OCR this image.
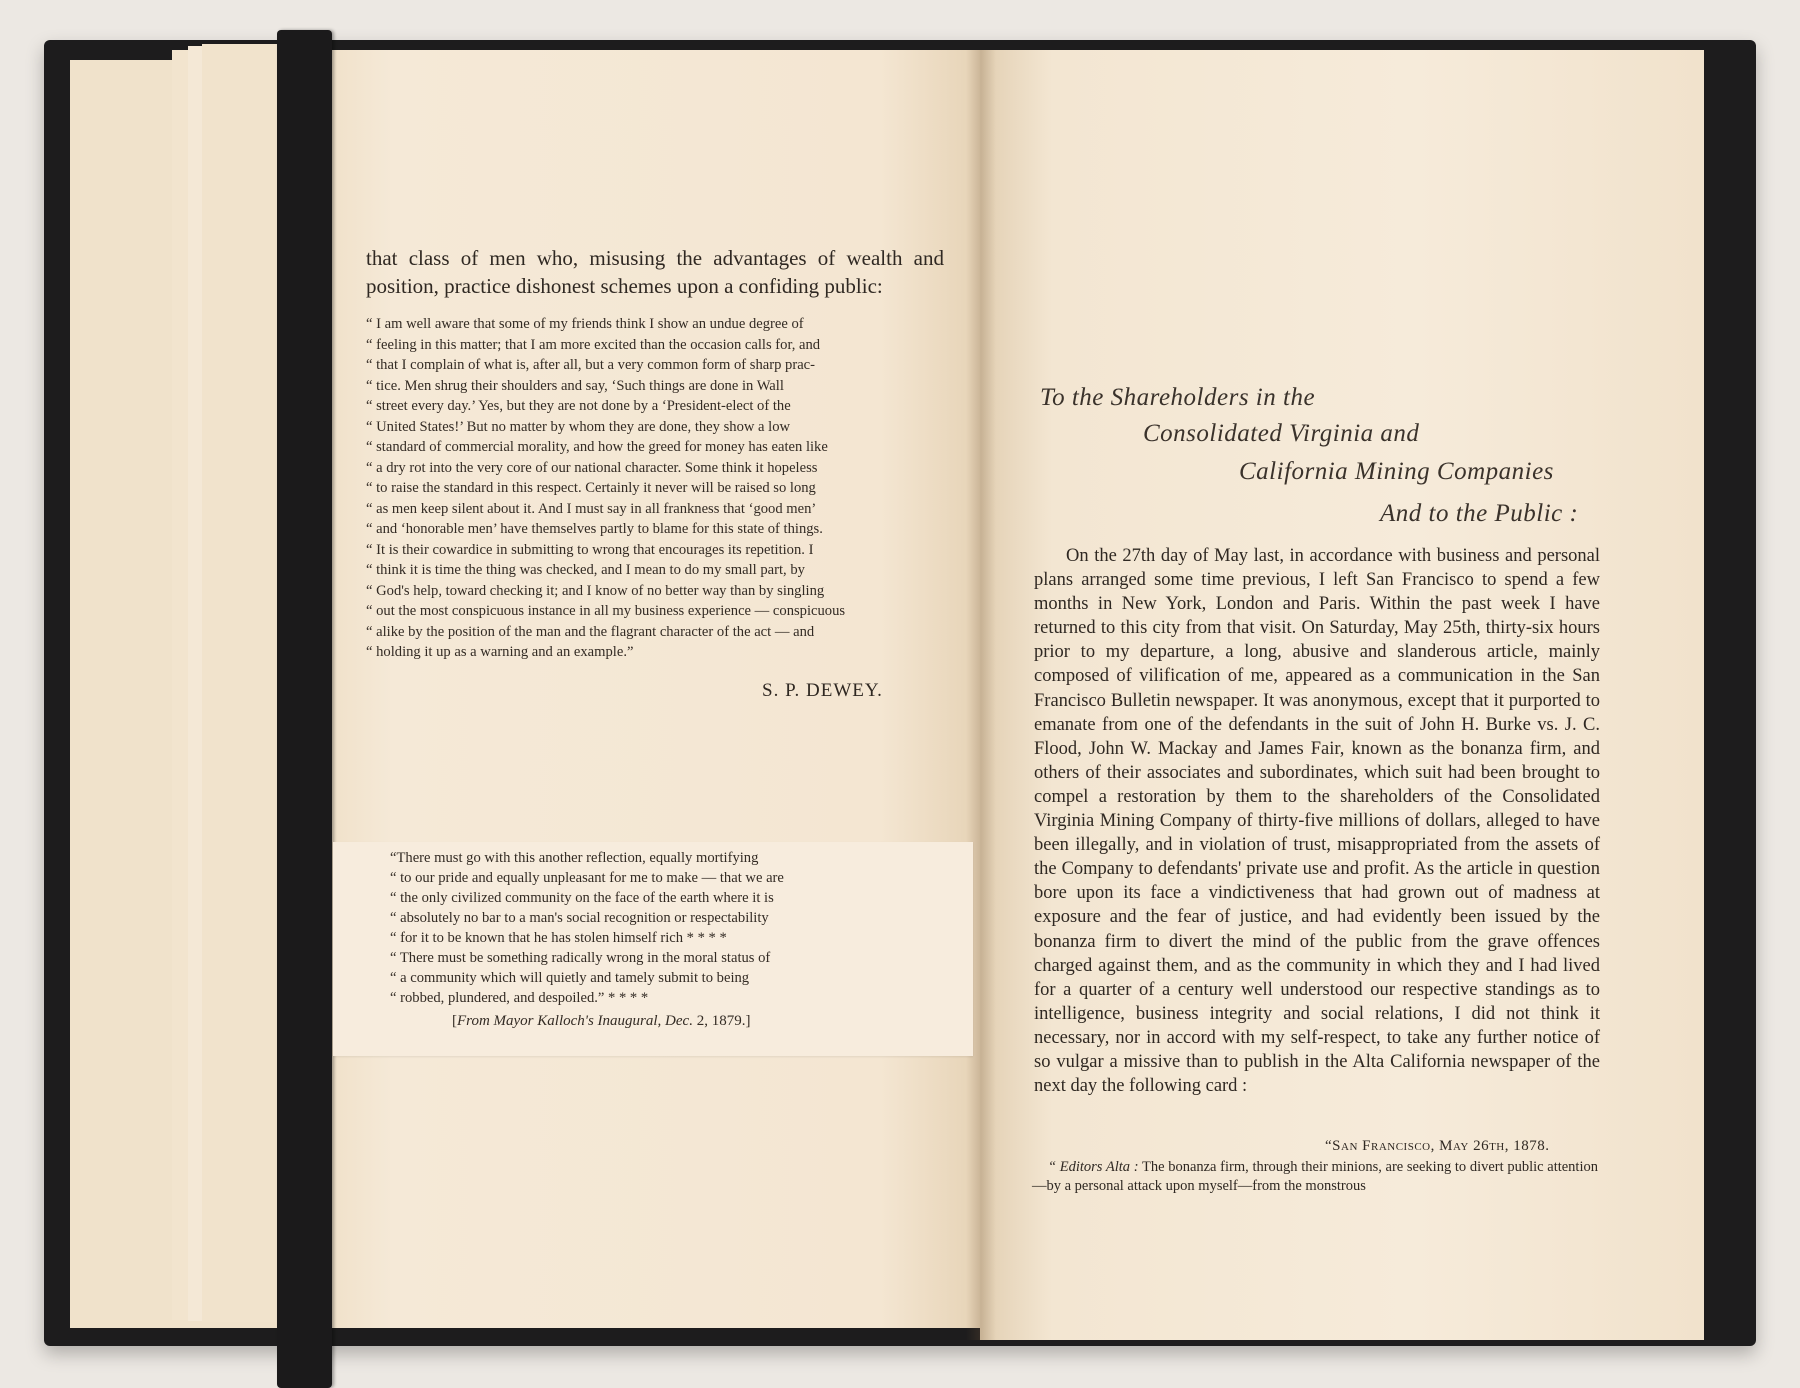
that class of men who, misusing the advantages of wealth and position, practice dishonest schemes upon a confiding public:

“ I am well aware that some of my friends think I show an undue degree of

“ feeling in this matter; that I am more excited than the occasion calls for, and

“ that I complain of what is, after all, but a very common form of sharp prac-

“ tice. Men shrug their shoulders and say, ‘Such things are done in Wall

“ street every day.’ Yes, but they are not done by a ‘President-elect of the

“ United States!’ But no matter by whom they are done, they show a low

“ standard of commercial morality, and how the greed for money has eaten like

“ a dry rot into the very core of our national character. Some think it hopeless

“ to raise the standard in this respect. Certainly it never will be raised so long

“ as men keep silent about it. And I must say in all frankness that ‘good men’

“ and ‘honorable men’ have themselves partly to blame for this state of things.

“ It is their cowardice in submitting to wrong that encourages its repetition. I

“ think it is time the thing was checked, and I mean to do my small part, by

“ God's help, toward checking it; and I know of no better way than by singling

“ out the most conspicuous instance in all my business experience — conspicuous

“ alike by the position of the man and the flagrant character of the act — and

“ holding it up as a warning and an example.”

S. P. DEWEY.

“There must go with this another reflection, equally mortifying

“ to our pride and equally unpleasant for me to make — that we are

“ the only civilized community on the face of the earth where it is

“ absolutely no bar to a man's social recognition or respectability

“ for it to be known that he has stolen himself rich * * * *

“ There must be something radically wrong in the moral status of

“ a community which will quietly and tamely submit to being

“ robbed, plundered, and despoiled.” * * * *

[From Mayor Kalloch's Inaugural, Dec. 2, 1879.]
To the Shareholders in the
Consolidated Virginia and
California Mining Companies
And to the Public :

On the 27th day of May last, in accordance with business and personal plans arranged some time previous, I left San Francisco to spend a few months in New York, London and Paris. Within the past week I have returned to this city from that visit. On Saturday, May 25th, thirty-six hours prior to my departure, a long, abusive and slanderous article, mainly composed of vilification of me, appeared as a communication in the San Francisco Bulletin newspaper. It was anonymous, except that it purported to emanate from one of the defendants in the suit of John H. Burke vs. J. C. Flood, John W. Mackay and James Fair, known as the bonanza firm, and others of their associates and subordinates, which suit had been brought to compel a restoration by them to the shareholders of the Consolidated Virginia Mining Company of thirty-five millions of dollars, alleged to have been illegally, and in violation of trust, misappropriated from the assets of the Company to defendants' private use and profit. As the article in question bore upon its face a vindictiveness that had grown out of madness at exposure and the fear of justice, and had evidently been issued by the bonanza firm to divert the mind of the public from the grave offences charged against them, and as the community in which they and I had lived for a quarter of a century well understood our respective standings as to intelligence, business integrity and social relations, I did not think it necessary, nor in accord with my self-respect, to take any further notice of so vulgar a missive than to publish in the Alta California newspaper of the next day the following card :

“San Francisco, May 26th, 1878.

“ Editors Alta : The bonanza firm, through their minions, are seeking to divert public attention—by a personal attack upon myself—from the monstrous
